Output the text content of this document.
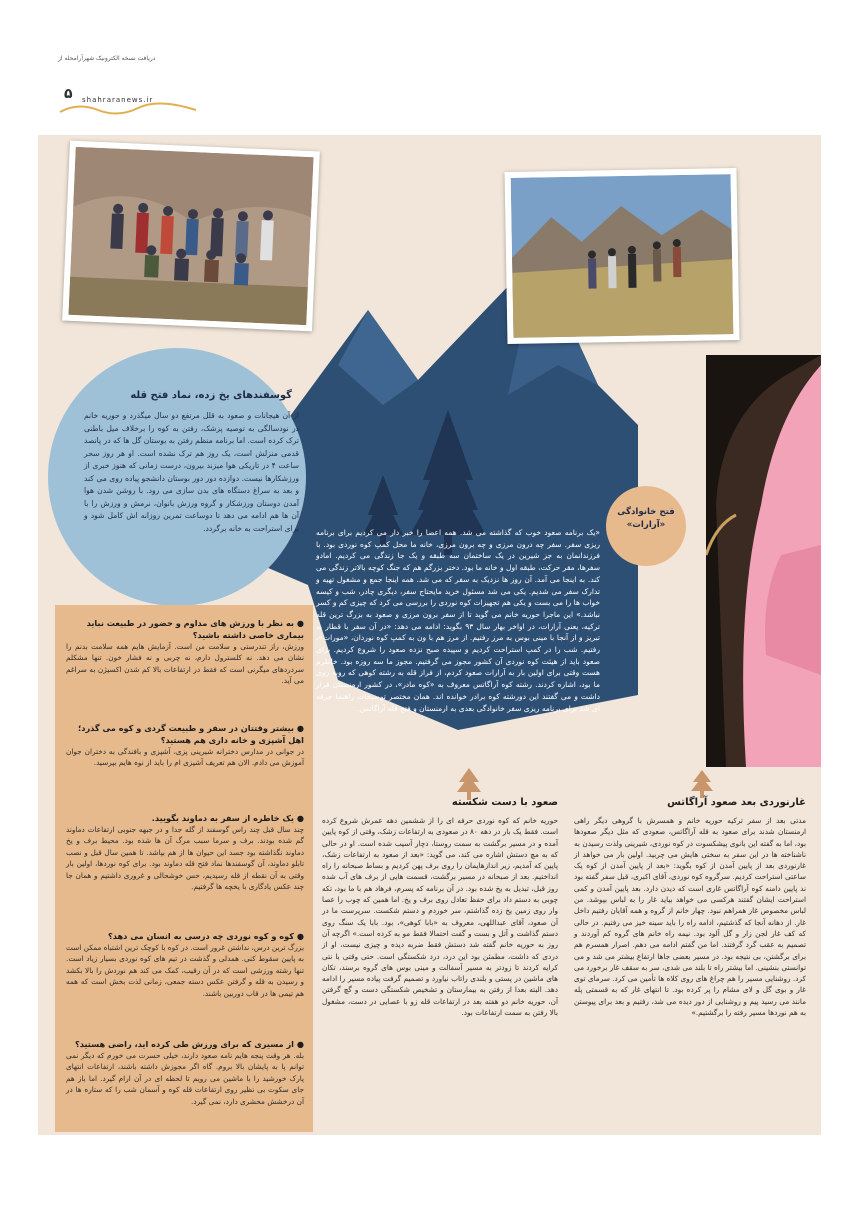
دریافت نسخه الکترونیک شهرآرامحله از
۵ shahraranews.ir
گوسفندهای یخ زده، نماد فتح قله
از آن هیجانات و صعود به قلل مرتفع دو سال میگذرد و حوریه خانم در نودسالگی به توصیه پزشک، رفتن به کوه را برخلاف میل باطنی ترک کرده است. اما برنامه منظم رفتن به بوستان گل ها که در پانصد قدمی منزلش است، یک روز هم ترک نشده است. او هر روز سحر ساعت ۴ در تاریکی هوا میزند بیرون، درست زمانی که هنوز خبری از ورزشکارها نیست. دوازده دور دور بوستان دانشجو پیاده روی می کند و بعد به سراغ دستگاه های بدن سازی می رود. با روشن شدن هوا آمدن دوستان ورزشکار و گروه ورزش بانوان، نرمش و ورزش را با آن ها هم ادامه می دهد تا دوساعت تمرین روزانه اش کامل شود و برای استراحت به خانه برگردد.
فتح خانوادگی
«آرارات»
«یک برنامه صعود خوب که گذاشته می شد. همه اعضا را خبر دار می کردیم برای برنامه ریزی سفر. سفر چه درون مرزی و چه برون مرزی، خانه ما محل کمپ کوه نوردی بود. با فرزندانمان به جز شیرین در یک ساختمان سه طبقه و یک جا زندگی می کردیم. امادو سفرها، مقر حرکت، طبقه اول و خانه ما بود. دختر بزرگم هم که جنگ کوچه بالاتر زندگی می کند. به اینجا می آمد. آن روز ها نزدیک به سفر که می شد. همه اینجا جمع و مشغول تهیه و تدارک سفر می شدیم. یکی می شد مسئول خرید مایحتاج سفر، دیگری چادر، شب و کیسه خواب ها را می بست و یکی هم تجهیزات کوه نوردی را بررسی می کرد که چیزی کم و کسر نباشد.» این ماجرا حوریه خانم می گوید تا از سفر برون مرزی و صعود به بزرگ ترین قله ترکیه، یعنی آرارات، در اواخر بهار سال ۹۳ بگوید: ادامه می دهد: «در آن سفر با قطار به تبریز و از آنجا با مینی بوس به مرز رفتیم. از مرز هم با ون به کمپ کوه نوردان، «مورات»، رفتیم. شب را در کمپ استراحت کردیم و سپیده صبح نزده صعود را شروع کردیم. برای صعود باید از هیئت کوه نوردی آن کشور مجوز می گرفتیم. مجوز ما سه روزه بود. خاطرم هست وقتی برای اولین بار به آرارات صعود کردم، از فراز قله به رشته کوهی که روبه روی ما بود، اشاره کردند. رشته کوه آراگاتس معروف به «کوه مادر»، در کشور ارمنستان قرار داشت و می گفتند این دورشته کوه برادر خوانده اند. همان مختصر توضیحات راهنما جرقه ای شد برای برنامه ریزی سفر خانوادگی بعدی به ارمنستان و فتح قله آراگاتس.
● به نظر با ورزش های مداوم و حضور در طبیعت نباید بیماری خاصی داشته باشید؟
ورزش، راز تندرستی و سلامت من است. آزمایش هایم همه سلامت بدنم را نشان می دهد. نه کلسترول دارم، نه چربی و نه فشار خون. تنها مشکلم سردردهای میگرنی است که فقط در ارتفاعات بالا کم شدن اکسیژن به سراغم می آید.
● بیشتر وقتتان در سفر و طبیعت گردی و کوه می گذرد؛ اهل آشپزی و خانه داری هم هستید؟
در جوانی در مدارس دخترانه شیرینی پزی، آشپزی و بافندگی به دختران جوان آموزش می دادم. الان هم تعریف آشپزی ام را باید از نوه هایم بپرسید.
● یک خاطره از سفر به دماوند بگویید.
چند سال قبل چند راس گوسفند از گله جدا و در جبهه جنوبی ارتفاعات دماوند گم شده بودند. برف و سرما سبب مرگ آن ها شده بود. محیط برف و یخ دماوند نگذاشته بود جسد این حیوان ها از هم بپاشد. تا همین سال قبل و نصب تابلو دماوند، آن گوسفندها نماد فتح قله دماوند بود. برای کوه نوردها، اولین بار وقتی به آن نقطه از قله رسیدیم، حس خوشحالی و غروری داشتیم و همان جا چند عکس یادگاری با یخچه ها گرفتیم.
● کوه و کوه نوردی چه درسی به انسان می دهد؟
بزرگ ترین درس، نداشتن غرور است. در کوه با کوچک ترین اشتباه ممکن است به پایین سقوط کنی. همدلی و گذشت در تیم های کوه نوردی بسیار زیاد است. تنها رشته ورزشی است که در آن رقیب، کمک می کند هم نوردش را بالا بکشد و رسیدن به قله و گرفتن عکس دسته جمعی، زمانی لذت بخش است که همه هم تیمی ها در قاب دوربین باشند.
● از مسیری که برای ورزش طی کرده اید، راضی هستید؟
بله. هر وقت پنجه هایم نامه صعود دارند، خیلی حسرت می خورم که دیگر نمی توانم پا به پایشان بالا بروم. گاه اگر مجوزش داشته باشند، ارتفاعات انتهای پارک خورشید را با ماشین می رویم تا لحظه ای در آن ارام گیرد. اما باز هم جای سکوت بی نظیر روی ارتفاعات قله کوه و آسمان شب را که ستاره ها در آن درخشش محشری دارد، نمی گیرد.
غارنوردی بعد صعود آراگاتس
مدتی بعد از سفر ترکیه حوریه خانم و همسرش با گروهی دیگر راهی ارمنستان شدند برای صعود به قله آراگاتس، صعودی که مثل دیگر صعودها بود، اما به گفته این بانوی پیشکسوت در کوه نوردی، شیرینی ولذت رسیدن به ناشناخته ها در این سفر به سختی هایش می چربید. اولین بار می خواهد از غارنوردی بعد از پایین آمدن از کوه بگوید: «بعد از پایین آمدن از کوه یک ساعتی استراحت کردیم. سرگروه کوه نوردی، آقای اکبری، قبل سفر گفته بود ند پایین دامنه کوه آراگاتس غاری است که دیدن دارد. بعد پایین آمدن و کمی استراحت ایشان گفتند هرکسی می خواهد بیاید غار را به لباس بپوشد. من لباس مخصوص غار همراهم نبود. چهار خانم از گروه و همه آقایان رفتیم داخل غار. از دهانه آنجا که گذشتیم، ادامه راه را باید سینه خیز می رفتیم. در حالی که کف غار لجن زار و گل آلود بود. نیمه راه خانم های گروه کم آوردند و تصمیم به عقب گرد گرفتند. اما من گفتم ادامه می دهم. اصرار همسرم هم برای برگشتن، بی نتیجه بود. در مسیر بعضی جاها ارتفاع بیشتر می شد و می توانستی بنشینی. اما بیشتر راه تا بلند می شدی، سر به سقف غار برخورد می کرد. روشنایی مسیر را هم چراغ های روی کلاه ها تأمین می کرد. سرمای توی غار و بوی گل و لای مشام را پر کرده بود. تا انتهای غار که به قسمتی پله مانند می رسید پیم و روشنایی از دور دیده می شد، رفتیم و بعد برای پیوستن به هم نوردها مسیر رفته را برگشتیم.»
صعود با دست شکسته
حوریه خانم که کوه نوردی حرفه ای را از ششمین دهه عمرش شروع کرده است. فقط یک بار در دهه ۸۰ در صعودی به ارتفاعات زشک، وقتی از کوه پایین آمده و در مسیر برگشت به سمت روستا، دچار آسیب شده است. او در حالی که به مچ دستش اشاره می کند، می گوید: «بعد از صعود به ارتفاعات زشک، پایین که آمدیم، زیر اندازهایمان را روی برف پهن کردیم و بساط صبحانه را راه انداختیم. بعد از صبحانه در مسیر برگشت، قسمت هایی از برف های آب شده روز قبل، تبدیل به یخ شده بود. در آن برنامه که پسرم، فرهاد هم با ما بود، تکه چوبی به دستم داد برای حفظ تعادل روی برف و یخ. اما همین که چوب را عصا وار روی زمین یخ زده گذاشتم، سر خوردم و دستم شکست. سرپرست ما در آن صعود، آقای عبداللهی، معروف به «بابا کوهی»، بود. بابا یک سنگ روی دستم گذاشت و آتل و بست و گفت احتمالا فقط مو به کرده است.» اگرچه آن روز به حوریه خانم گفته شد دستش فقط ضربه دیده و چیزی نیست، او از دردی که داشت، مطمئن بود این درد، درد شکستگی است. حتی وقتی با نتی کرایه کردند تا زودتر به مسیر آسفالت و مینی بوس های گروه برسند، تکان های ماشین در پستی و بلندی راتاب نیاورد و تصمیم گرفت پیاده مسیر را ادامه دهد. البته بعدا از رفتن به بیمارستان و تشخیص شکستگی دست و گچ گرفتن آن، حوریه خانم دو هفته بعد در ارتفاعات قله زو با عصایی در دست، مشغول بالا رفتن به سمت ارتفاعات بود.
